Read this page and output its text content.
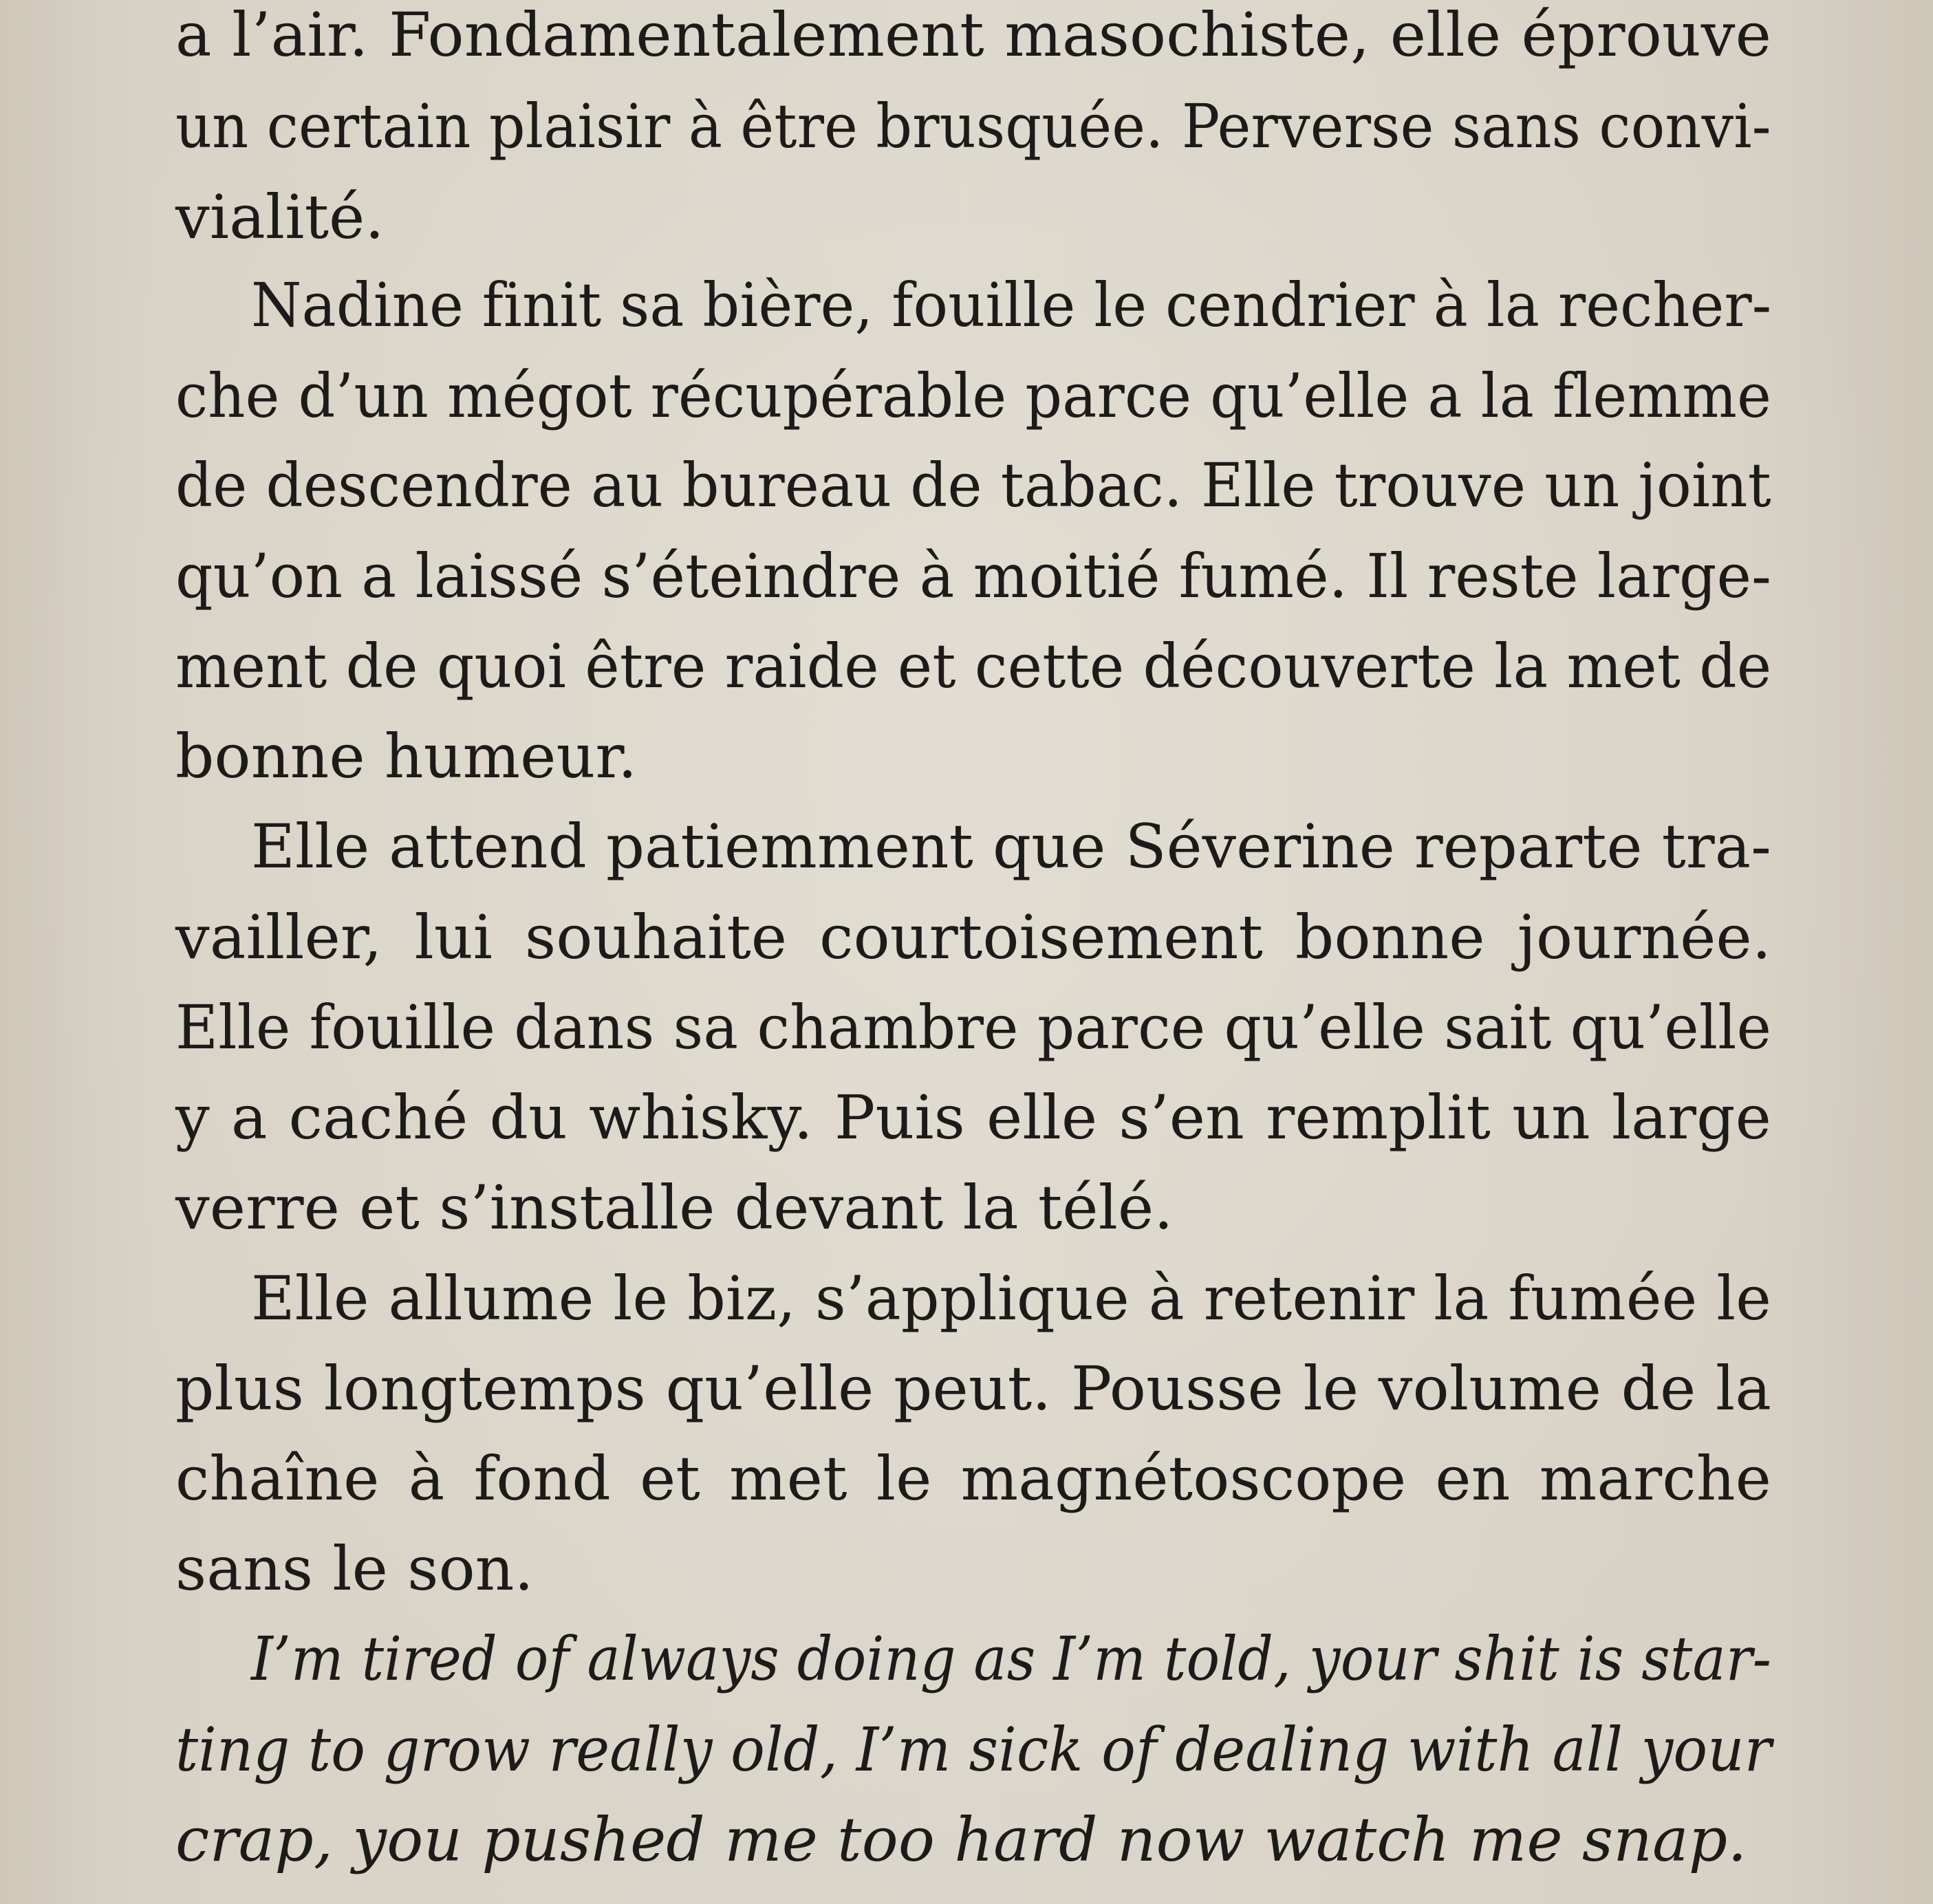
a l’air. Fondamentalement masochiste, elle éprouve
un certain plaisir à être brusquée. Perverse sans convi-
vialité.
Nadine finit sa bière, fouille le cendrier à la recher-
che d’un mégot récupérable parce qu’elle a la flemme
de descendre au bureau de tabac. Elle trouve un joint
qu’on a laissé s’éteindre à moitié fumé. Il reste large-
ment de quoi être raide et cette découverte la met de
bonne humeur.
Elle attend patiemment que Séverine reparte tra-
vailler, lui souhaite courtoisement bonne journée.
Elle fouille dans sa chambre parce qu’elle sait qu’elle
y a caché du whisky. Puis elle s’en remplit un large
verre et s’installe devant la télé.
Elle allume le biz, s’applique à retenir la fumée le
plus longtemps qu’elle peut. Pousse le volume de la
chaîne à fond et met le magnétoscope en marche
sans le son.
I’m tired of always doing as I’m told, your shit is star-
ting to grow really old, I’m sick of dealing with all your
crap, you pushed me too hard now watch me snap.
